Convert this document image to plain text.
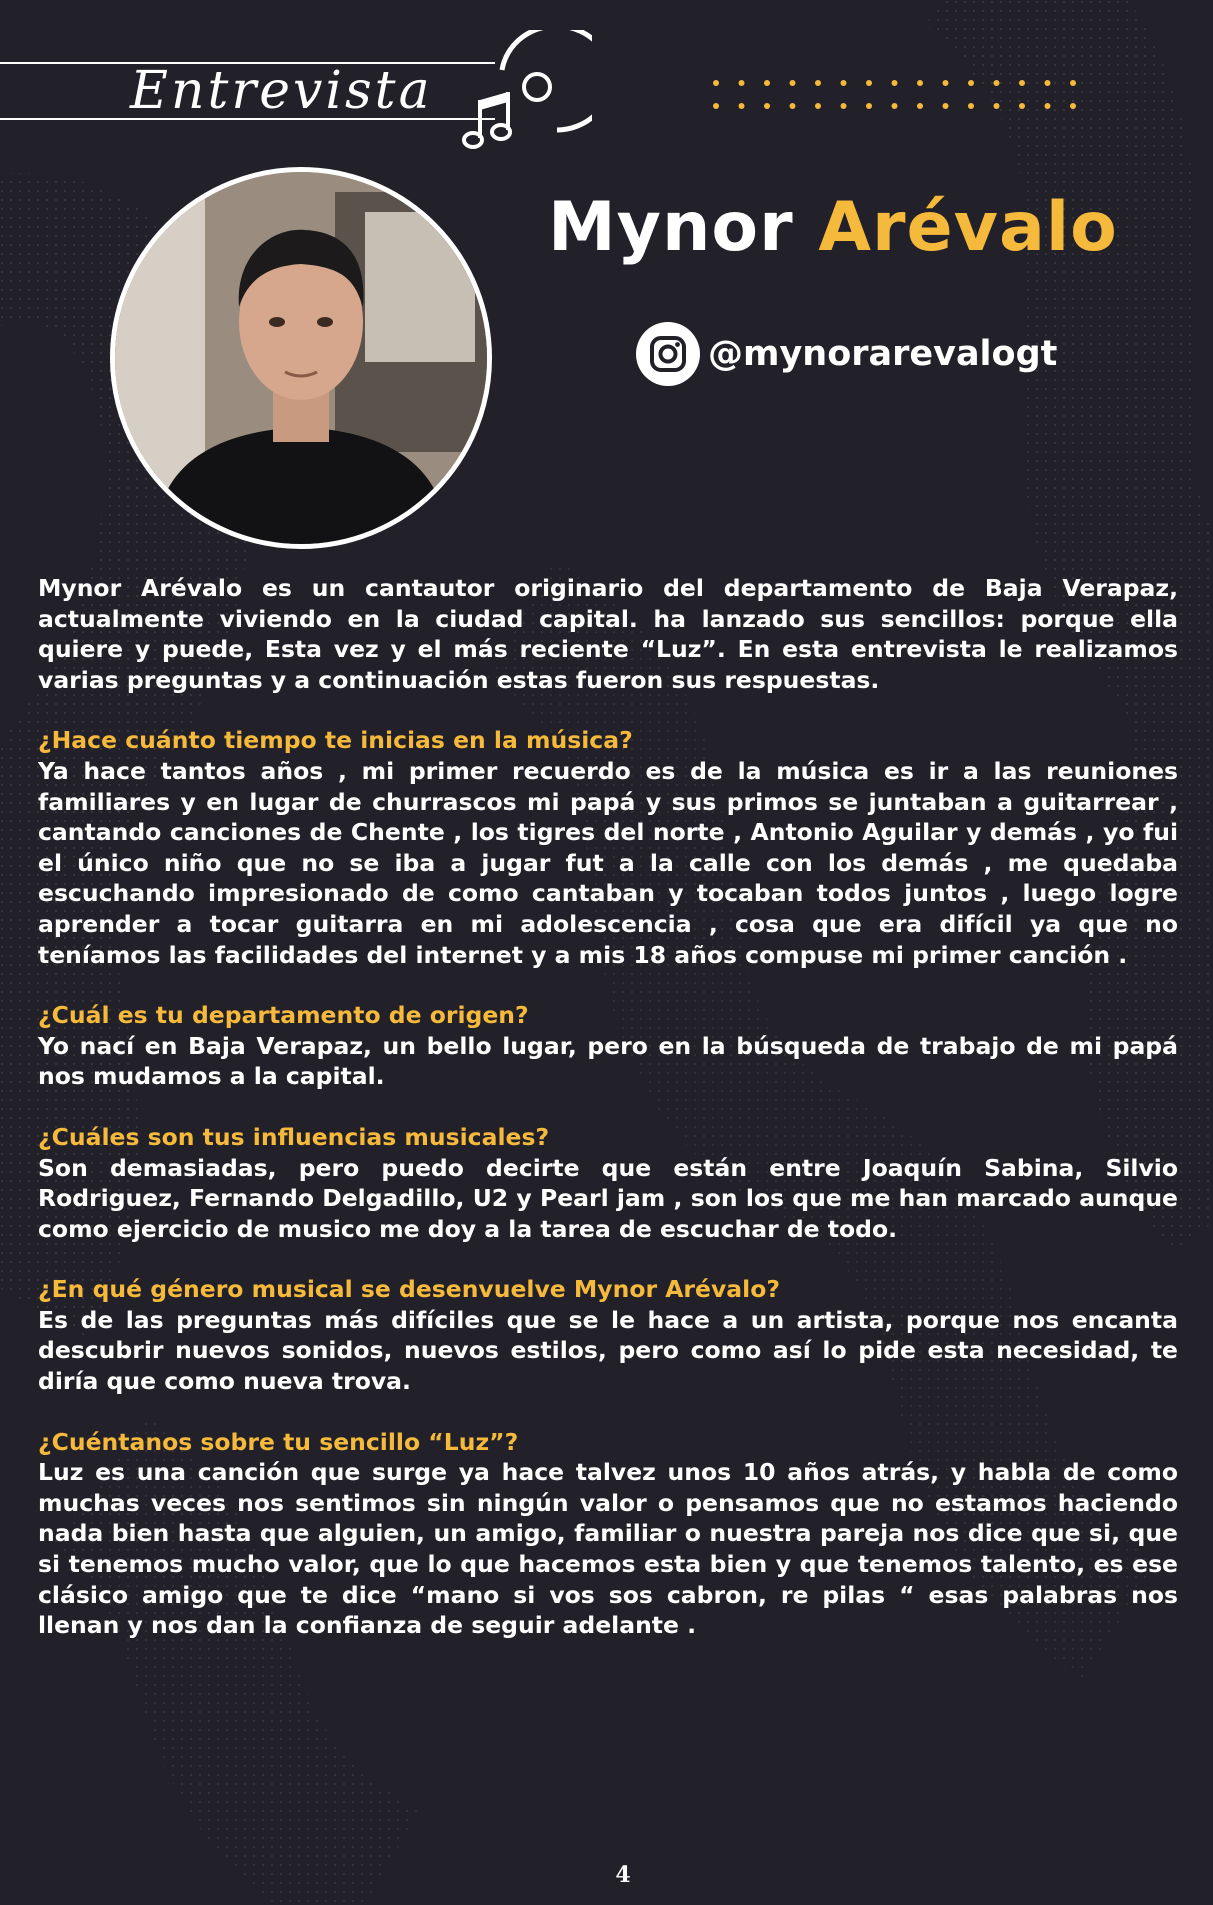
Entrevista
Mynor Arévalo
@mynorarevalogt

Mynor Arévalo es un cantautor originario del departamento de Baja Verapaz, actualmente viviendo en la ciudad capital. ha lanzado sus sencillos: porque ella quiere y puede, Esta vez y el más reciente “Luz”. En esta entrevista le realizamos varias preguntas y a continuación estas fueron sus respuestas.

¿Hace cuánto tiempo te inicias en la música?

Ya hace tantos años , mi primer recuerdo es de la música es ir a las reuniones familiares y en lugar de churrascos mi papá y sus primos se juntaban a guitarrear , cantando canciones de Chente , los tigres del norte , Antonio Aguilar y demás , yo fui el único niño que no se iba a jugar fut a la calle con los demás , me quedaba escuchando impresionado de como cantaban y tocaban todos juntos , luego logre aprender a tocar guitarra en mi adolescencia , cosa que era difícil ya que no teníamos las facilidades del internet y a mis 18 años compuse mi primer canción .

¿Cuál es tu departamento de origen?

Yo nací en Baja Verapaz, un bello lugar, pero en la búsqueda de trabajo de mi papá nos mudamos a la capital.

¿Cuáles son tus influencias musicales?

Son demasiadas, pero puedo decirte que están entre Joaquín Sabina, Silvio Rodriguez, Fernando Delgadillo, U2 y Pearl jam , son los que me han marcado aunque como ejercicio de musico me doy a la tarea de escuchar de todo.

¿En qué género musical se desenvuelve Mynor Arévalo?

Es de las preguntas más difíciles que se le hace a un artista, porque nos encanta descubrir nuevos sonidos, nuevos estilos, pero como así lo pide esta necesidad, te diría que como nueva trova.

¿Cuéntanos sobre tu sencillo “Luz”?

Luz es una canción que surge ya hace talvez unos 10 años atrás, y habla de como muchas veces nos sentimos sin ningún valor o pensamos que no estamos haciendo nada bien hasta que alguien, un amigo, familiar o nuestra pareja nos dice que si, que si tenemos mucho valor, que lo que hacemos esta bien y que tenemos talento, es ese clásico amigo que te dice “mano si vos sos cabron, re pilas “ esas palabras nos llenan y nos dan la confianza de seguir adelante .

4
